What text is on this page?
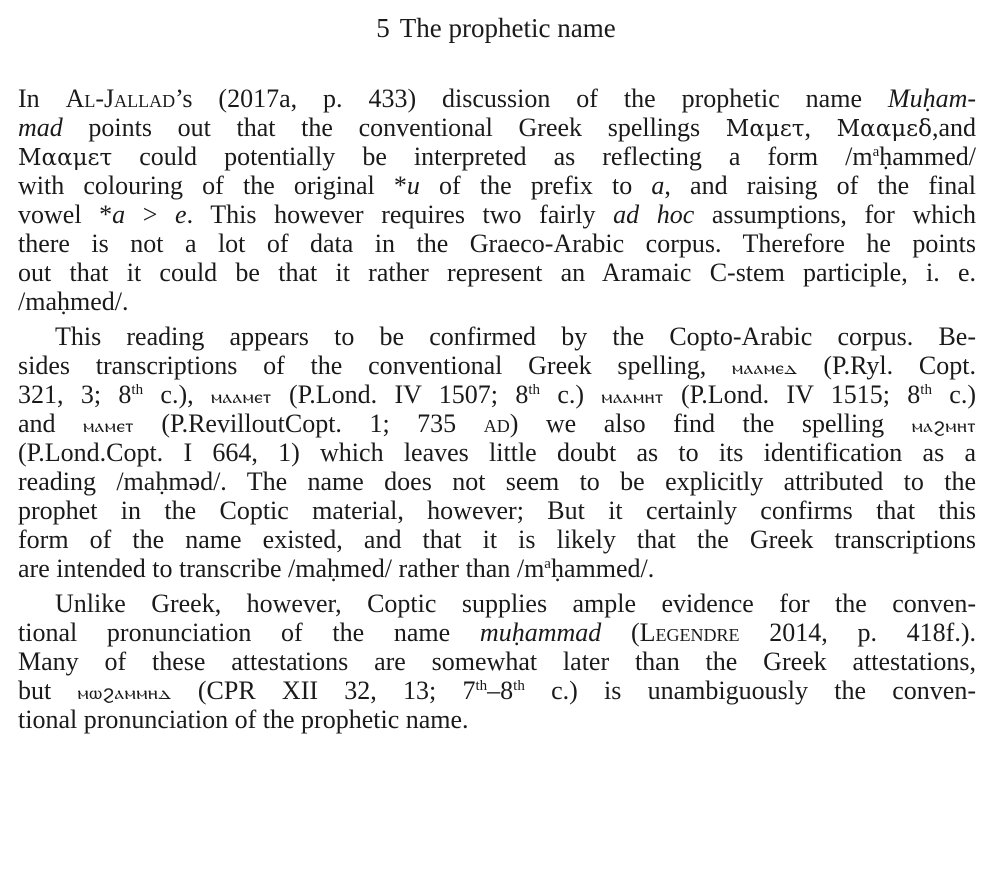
5 The prophetic name
In Al-Jallad’s (2017a, p. 433) discussion of the prophetic name Muḥam-
mad points out that the conventional Greek spellings Μαμετ, Μααμεδ,and
Μααμετ could potentially be interpreted as reflecting a form $/m^aḥammed/$
with colouring of the original *u of the prefix to a, and raising of the final
vowel *a > e. This however requires two fairly ad hoc assumptions, for which
there is not a lot of data in the Graeco-Arabic corpus. Therefore he points
out that it could be that it rather represent an Aramaic C-stem participle, i. e.
/maḥmed/.
This reading appears to be confirmed by the Copto-Arabic corpus. Be-
sides transcriptions of the conventional Greek spelling, ⲙⲁⲁⲙⲉⲇ (P.Ryl. Copt.
321, 3; 8th c.), ⲙⲁⲁⲙⲉⲧ (P.Lond. IV 1507; 8th c.) ⲙⲁⲁⲙⲏⲧ (P.Lond. IV 1515; 8th c.)
and ⲙⲁⲙⲉⲧ (P.RevilloutCopt. 1; 735 ad) we also find the spelling ⲙⲁϩⲙⲏⲧ
(P.Lond.Copt. I 664, 1) which leaves little doubt as to its identification as a
reading /maḥməd/. The name does not seem to be explicitly attributed to the
prophet in the Coptic material, however; But it certainly confirms that this
form of the name existed, and that it is likely that the Greek transcriptions
are intended to transcribe /maḥmed/ rather than $/m^aḥammed/$.
Unlike Greek, however, Coptic supplies ample evidence for the conven-
tional pronunciation of the name muḥammad (Legendre 2014, p. 418f.).
Many of these attestations are somewhat later than the Greek attestations,
but ⲙⲱϩⲁⲙⲙⲏⲇ (CPR XII 32, 13; 7th–8th c.) is unambiguously the conven-
tional pronunciation of the prophetic name.
